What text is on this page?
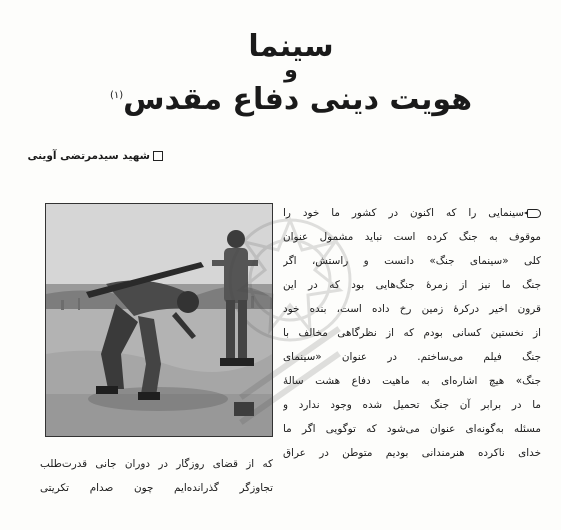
سینما
و
هویت دینی دفاع مقدس$^{(۱)}$
شهید سیدمرتضی آوینی
سینمایی را که اکنون در کشور ما خود را
موقوف به جنگ کرده است نباید مشمول عنوان
کلی «سینمای جنگ» دانست و راستش، اگر
جنگ ما نیز از زمرهٔ جنگ‌هایی بود که در این
قرون اخیر درکرهٔ زمین رخ داده است، بنده خود
از نخستین کسانی بودم که از نظرگاهی مخالف با
جنگ فیلم می‌ساختم. در عنوان «سینمای
جنگ» هیچ اشاره‌ای به ماهیت دفاع هشت سالهٔ
ما در برابر آن جنگ تحمیل شده وجود ندارد و
مسئله به‌گونه‌ای عنوان می‌شود که توگویی اگر ما
خدای ناکرده هنرمندانی بودیم متوطن در عراق
که از قضای روزگار در دوران جانی قدرت‌طلب
تجاوزگر گذرانده‌ایم چون صدام تکریتی
